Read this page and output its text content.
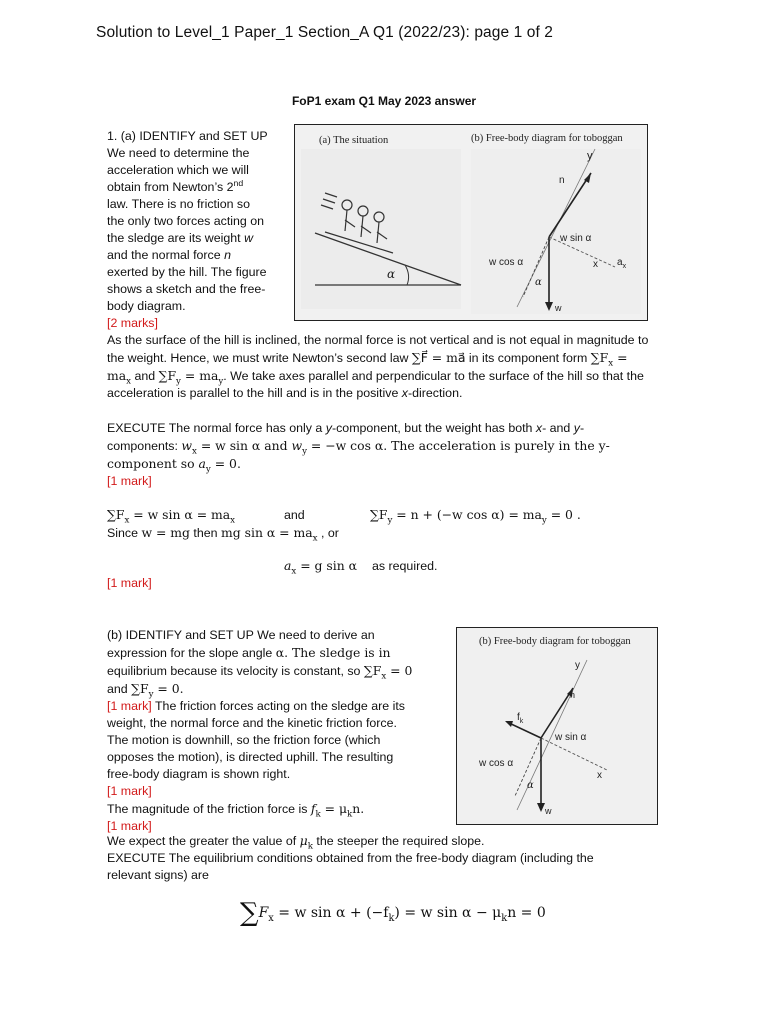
Solution to Level_1 Paper_1 Section_A Q1 (2022/23): page 1 of 2
FoP1 exam Q1 May 2023 answer
1. (a) IDENTIFY and SET UP
We need to determine the
acceleration which we will
obtain from Newton’s 2nd
law. There is no friction so
the only two forces acting on
the sledge are its weight w
and the normal force n
exerted by the hill. The figure
shows a sketch and the free-
body diagram.
[2 marks]
(a) The situation	(b) Free-body diagram for toboggan
α
y
n
x $a_x$
w
w cos α
w sin α
α
As the surface of the hill is inclined, the normal force is not vertical and is not equal in magnitude to the weight. Hence, we must write Newton’s second law ∑F⃗ = ma⃗ in its component form $\sum F_x = ma_x$ and $\sum F_y = ma_y$. We take axes parallel and perpendicular to the surface of the hill so that the acceleration is parallel to the hill and is in the positive x-direction.
EXECUTE The normal force has only a y-component, but the weight has both x- and y-components: $w_x = w$ sin α and $w_y = -w$ cos α. The acceleration is purely in the y-component so $a_y = 0$.
[1 mark]
$\sum F_x = w$ $\sin \alpha = ma_x$	and	$\sum F_y = n + (-w$ $\cos \alpha) = ma_y = 0$ .
Since w = mg then mg $\sin \alpha = ma_x$ , or
$a_x = g$ sin α as required.
[1 mark]
(b) IDENTIFY and SET UP We need to derive an
expression for the slope angle α. The sledge is in
equilibrium because its velocity is constant, so $\sum F_x = 0$
and $\sum F_y = 0$.
[1 mark] The friction forces acting on the sledge are its
weight, the normal force and the kinetic friction force.
The motion is downhill, so the friction force (which
opposes the motion), is directed uphill. The resulting
free-body diagram is shown right.
[1 mark]
The magnitude of the friction force is $f_k = \mu_kn$.
[1 mark]
(b) Free-body diagram for toboggan
y
n
$f_k$
x
w
w cos α
w sin α
α
We expect the greater the value of $\mu_k$ the steeper the required slope.
EXECUTE The equilibrium conditions obtained from the free-body diagram (including the
relevant signs) are
$\sum F_x = w$ $\sin \alpha + (-f_k) = w$ $\sin \alpha - \mu_kn = 0$
